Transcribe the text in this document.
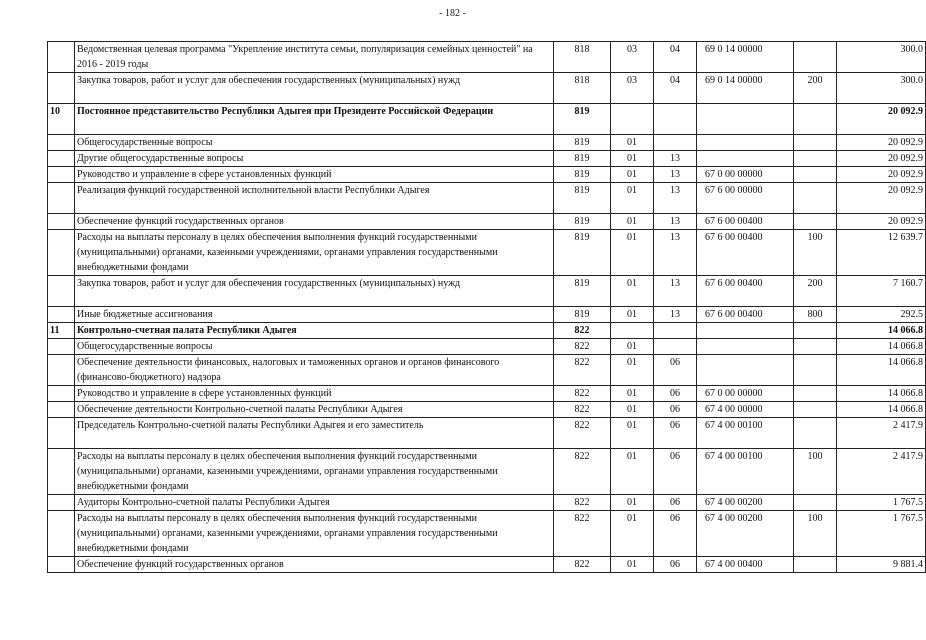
- 182 -
	Ведомственная целевая программа "Укрепление института семьи, популяризация семейных ценностей" на 2016 - 2019 годы	818	03	04	69 0 14 00000		300.0
	Закупка товаров, работ и услуг для обеспечения государственных (муниципальных) нужд	818	03	04	69 0 14 00000	200	300.0
10	Постоянное представительство Республики Адыгея при Президенте Российской Федерации	819					20 092.9
	Общегосударственные вопросы	819	01				20 092.9
	Другие общегосударственные вопросы	819	01	13			20 092.9
	Руководство и управление в сфере установленных функций	819	01	13	67 0 00 00000		20 092.9
	Реализация функций государственной исполнительной власти Республики Адыгея	819	01	13	67 6 00 00000		20 092.9
	Обеспечение функций государственных органов	819	01	13	67 6 00 00400		20 092.9
	Расходы на выплаты персоналу в целях обеспечения выполнения функций государственными (муниципальными) органами, казенными учреждениями, органами управления государственными внебюджетными фондами	819	01	13	67 6 00 00400	100	12 639.7
	Закупка товаров, работ и услуг для обеспечения государственных (муниципальных) нужд	819	01	13	67 6 00 00400	200	7 160.7
	Иные бюджетные ассигнования	819	01	13	67 6 00 00400	800	292.5
11	Контрольно-счетная палата Республики Адыгея	822					14 066.8
	Общегосударственные вопросы	822	01				14 066.8
	Обеспечение деятельности финансовых, налоговых и таможенных органов и органов финансового (финансово-бюджетного) надзора	822	01	06			14 066.8
	Руководство и управление в сфере установленных функций	822	01	06	67 0 00 00000		14 066.8
	Обеспечение деятельности Контрольно-счетной палаты Республики Адыгея	822	01	06	67 4 00 00000		14 066.8
	Председатель Контрольно-счетной палаты Республики Адыгея и его заместитель	822	01	06	67 4 00 00100		2 417.9
	Расходы на выплаты персоналу в целях обеспечения выполнения функций государственными (муниципальными) органами, казенными учреждениями, органами управления государственными внебюджетными фондами	822	01	06	67 4 00 00100	100	2 417.9
	Аудиторы Контрольно-счетной палаты Республики Адыгея	822	01	06	67 4 00 00200		1 767.5
	Расходы на выплаты персоналу в целях обеспечения выполнения функций государственными (муниципальными) органами, казенными учреждениями, органами управления государственными внебюджетными фондами	822	01	06	67 4 00 00200	100	1 767.5
	Обеспечение функций государственных органов	822	01	06	67 4 00 00400		9 881.4
